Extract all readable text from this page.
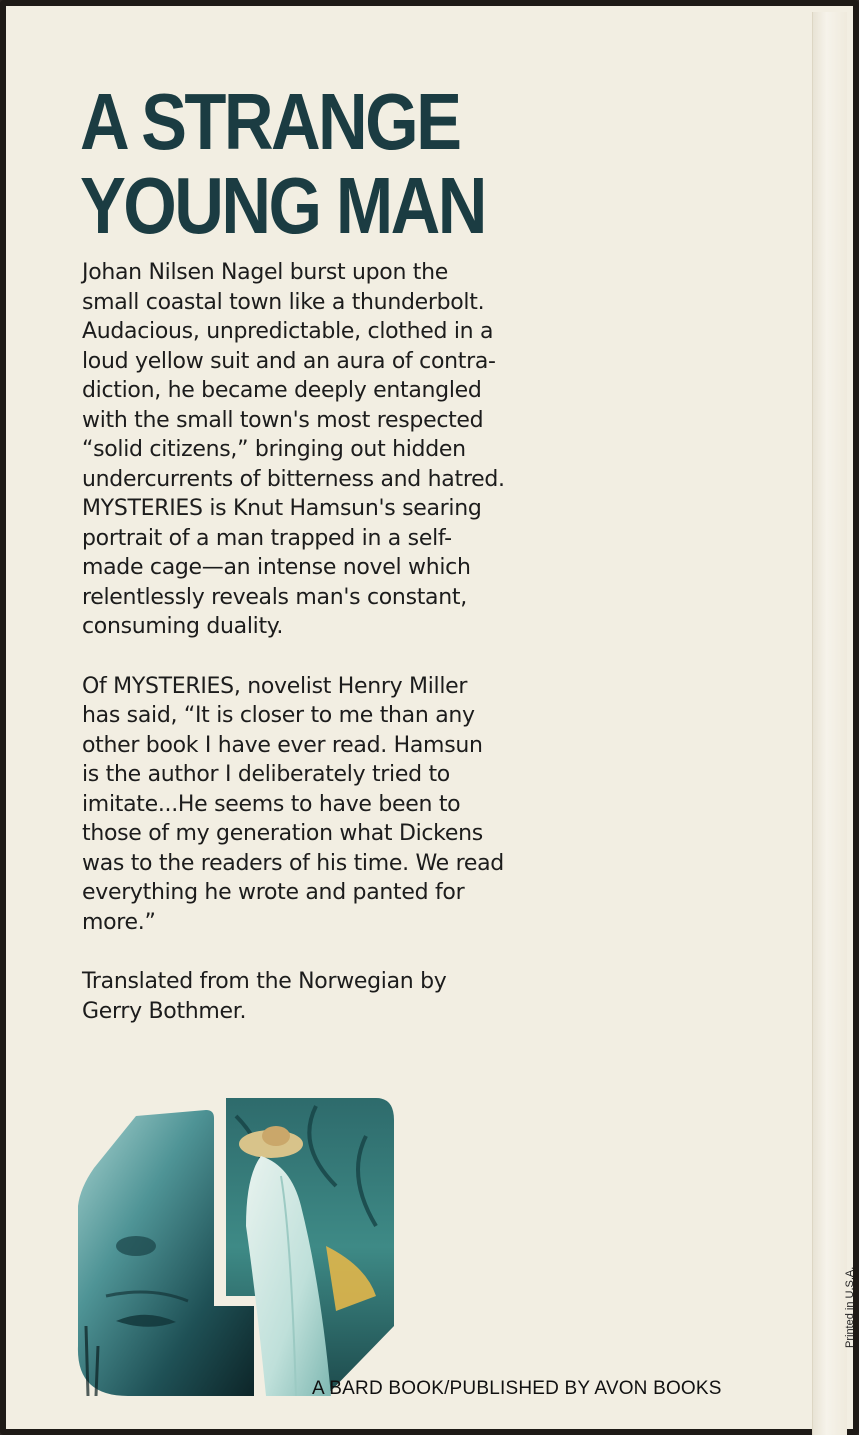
A STRANGE
YOUNG MAN

Johan Nilsen Nagel burst upon the
small coastal town like a thunderbolt.
Audacious, unpredictable, clothed in a
loud yellow suit and an aura of contra-
diction, he became deeply entangled
with the small town's most respected
“solid citizens,” bringing out hidden
undercurrents of bitterness and hatred.
MYSTERIES is Knut Hamsun's searing
portrait of a man trapped in a self-
made cage—an intense novel which
relentlessly reveals man's constant,
consuming duality.

Of MYSTERIES, novelist Henry Miller
has said, “It is closer to me than any
other book I have ever read. Hamsun
is the author I deliberately tried to
imitate...He seems to have been to
those of my generation what Dickens
was to the readers of his time. We read
everything he wrote and panted for
more.”

Translated from the Norwegian by
Gerry Bothmer.

A BARD BOOK/PUBLISHED BY AVON BOOKS
Printed in U.S.A.
